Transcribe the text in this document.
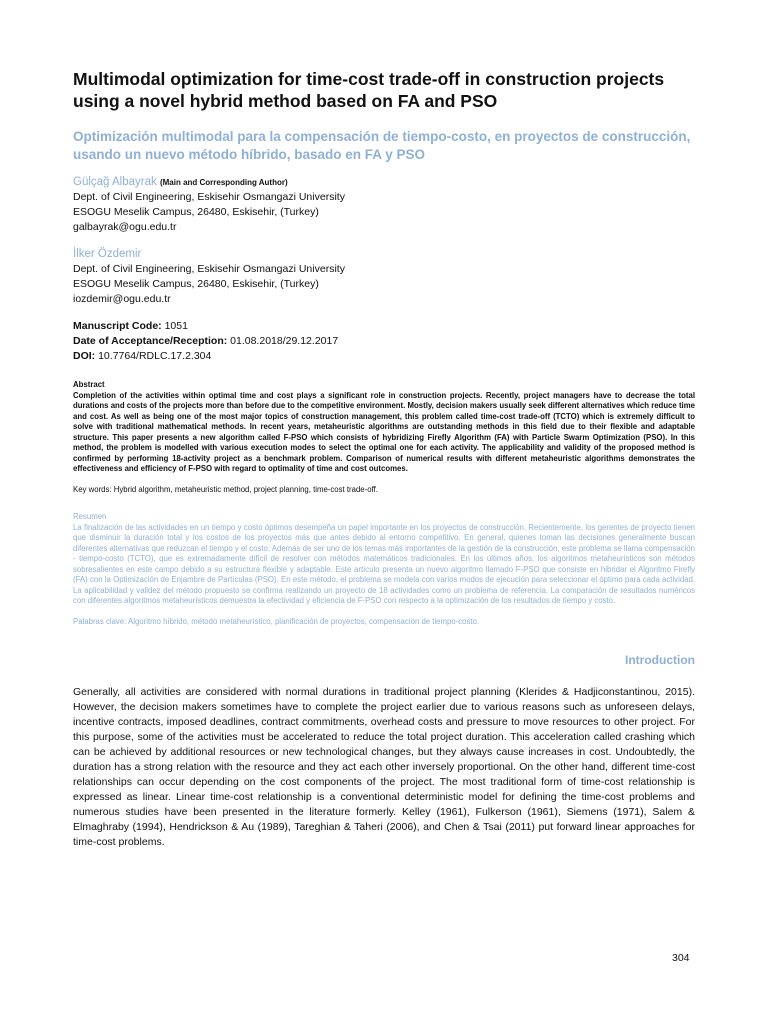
Multimodal optimization for time-cost trade-off in construction projects using a novel hybrid method based on FA and PSO
Optimización multimodal para la compensación de tiempo-costo, en proyectos de construcción, usando un nuevo método híbrido, basado en FA y PSO

Gülçağ Albayrak (Main and Corresponding Author)

Dept. of Civil Engineering, Eskisehir Osmangazi University

ESOGU Meselik Campus, 26480, Eskisehir, (Turkey)

galbayrak@ogu.edu.tr

İlker Özdemir

Dept. of Civil Engineering, Eskisehir Osmangazi University

ESOGU Meselik Campus, 26480, Eskisehir, (Turkey)

iozdemir@ogu.edu.tr

Manuscript Code: 1051
Date of Acceptance/Reception: 01.08.2018/29.12.2017
DOI: 10.7764/RDLC.17.2.304
Abstract

Completion of the activities within optimal time and cost plays a significant role in construction projects. Recently, project managers have to decrease the total durations and costs of the projects more than before due to the competitive environment. Mostly, decision makers usually seek different alternatives which reduce time and cost. As well as being one of the most major topics of construction management, this problem called time-cost trade-off (TCTO) which is extremely difficult to solve with traditional mathematical methods. In recent years, metaheuristic algorithms are outstanding methods in this field due to their flexible and adaptable structure. This paper presents a new algorithm called F-PSO which consists of hybridizing Firefly Algorithm (FA) with Particle Swarm Optimization (PSO). In this method, the problem is modelled with various execution modes to select the optimal one for each activity. The applicability and validity of the proposed method is confirmed by performing 18-activity project as a benchmark problem. Comparison of numerical results with different metaheuristic algorithms demonstrates the effectiveness and efficiency of F-PSO with regard to optimality of time and cost outcomes.

Key words: Hybrid algorithm, metaheuristic method, project planning, time-cost trade-off.
Resumen

La finalización de las actividades en un tiempo y costo óptimos desempeña un papel importante en los proyectos de construcción. Recientemente, los gerentes de proyecto tienen que disminuir la duración total y los costos de los proyectos más que antes debido al entorno competitivo. En general, quienes toman las decisiones generalmente buscan diferentes alternativas que reduzcan el tiempo y el costo. Además de ser uno de los temas más importantes de la gestión de la construcción, este problema se llama compensación - tiempo-costo (TCTO), que es extremadamente difícil de resolver con métodos matemáticos tradicionales. En los últimos años, los algoritmos metaheurísticos son métodos sobresalientes en este campo debido a su estructura flexible y adaptable. Este artículo presenta un nuevo algoritmo llamado F-PSO que consiste en hibridar el Algoritmo Firefly (FA) con la Optimización de Enjambre de Partículas (PSO). En este método, el problema se modela con varios modos de ejecución para seleccionar el óptimo para cada actividad. La aplicabilidad y validez del método propuesto se confirma realizando un proyecto de 18 actividades como un problema de referencia. La comparación de resultados numéricos con diferentes algoritmos metaheurísticos demuestra la efectividad y eficiencia de F-PSO con respecto a la optimización de los resultados de tiempo y costo.

Palabras clave: Algoritmo híbrido, método metaheurístico, planificación de proyectos, compensación de tiempo-costo.
Introduction
Generally, all activities are considered with normal durations in traditional project planning (Klerides & Hadjiconstantinou, 2015). However, the decision makers sometimes have to complete the project earlier due to various reasons such as unforeseen delays, incentive contracts, imposed deadlines, contract commitments, overhead costs and pressure to move resources to other project. For this purpose, some of the activities must be accelerated to reduce the total project duration. This acceleration called crashing which can be achieved by additional resources or new technological changes, but they always cause increases in cost. Undoubtedly, the duration has a strong relation with the resource and they act each other inversely proportional. On the other hand, different time-cost relationships can occur depending on the cost components of the project. The most traditional form of time-cost relationship is expressed as linear. Linear time-cost relationship is a conventional deterministic model for defining the time-cost problems and numerous studies have been presented in the literature formerly. Kelley (1961), Fulkerson (1961), Siemens (1971), Salem & Elmaghraby (1994), Hendrickson & Au (1989), Tareghian & Taheri (2006), and Chen & Tsai (2011) put forward linear approaches for time-cost problems.
304
